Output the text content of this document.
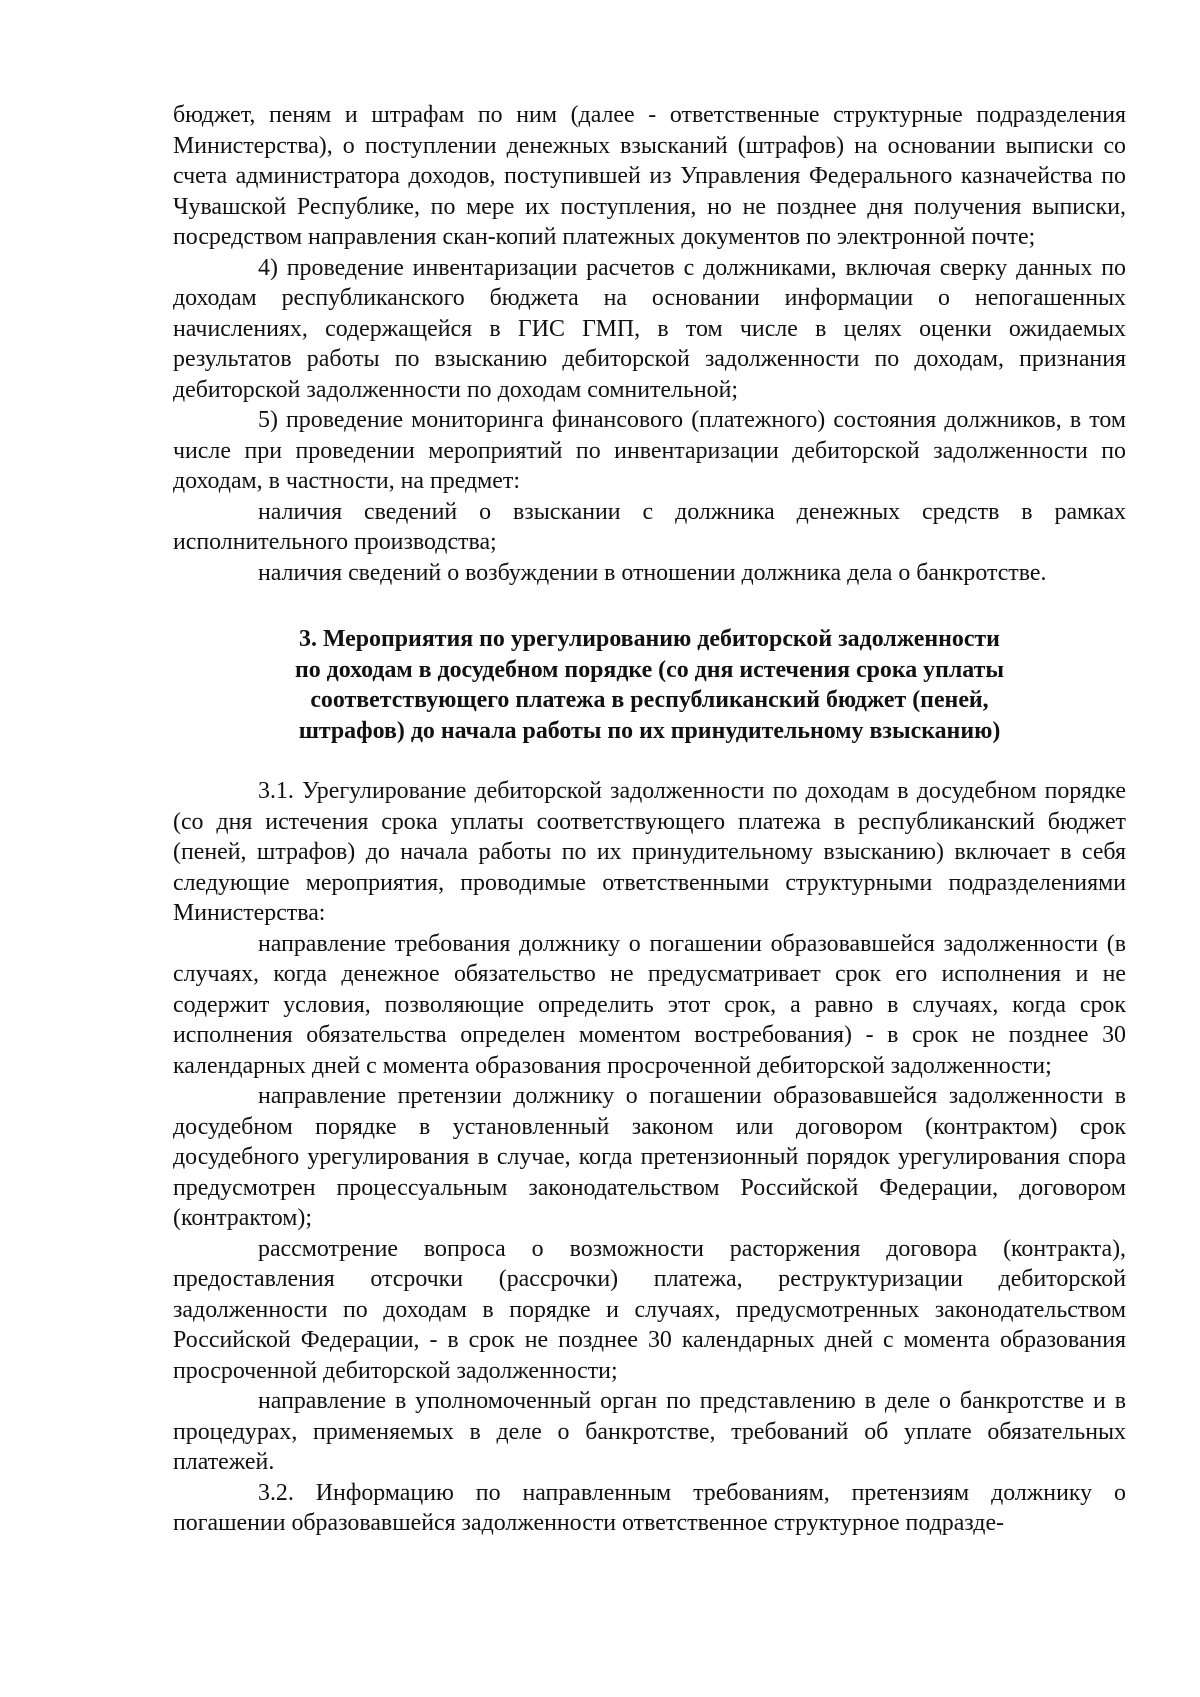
бюджет, пеням и штрафам по ним (далее - ответственные структурные подразделения Министерства), о поступлении денежных взысканий (штрафов) на основании выписки со счета администратора доходов, поступившей из Управления Федерального казначейства по Чувашской Республике, по мере их поступления, но не позднее дня получения выписки, посредством направления скан-копий платежных документов по электронной почте;

4) проведение инвентаризации расчетов с должниками, включая сверку данных по доходам республиканского бюджета на основании информации о непогашенных начислениях, содержащейся в ГИС ГМП, в том числе в целях оценки ожидаемых результатов работы по взысканию дебиторской задолженности по доходам, признания дебиторской задолженности по доходам сомнительной;

5) проведение мониторинга финансового (платежного) состояния должников, в том числе при проведении мероприятий по инвентаризации дебиторской задолженности по доходам, в частности, на предмет:

наличия сведений о взыскании с должника денежных средств в рамках исполнительного производства;

наличия сведений о возбуждении в отношении должника дела о банкротстве.

3. Мероприятия по урегулированию дебиторской задолженности
по доходам в досудебном порядке (со дня истечения срока уплаты
соответствующего платежа в республиканский бюджет (пеней,
штрафов) до начала работы по их принудительному взысканию)

3.1. Урегулирование дебиторской задолженности по доходам в досудебном порядке (со дня истечения срока уплаты соответствующего платежа в республиканский бюджет (пеней, штрафов) до начала работы по их принудительному взысканию) включает в себя следующие мероприятия, проводимые ответственными структурными подразделениями Министерства:

направление требования должнику о погашении образовавшейся задолженности (в случаях, когда денежное обязательство не предусматривает срок его исполнения и не содержит условия, позволяющие определить этот срок, а равно в случаях, когда срок исполнения обязательства определен моментом востребования) - в срок не позднее 30 календарных дней с момента образования просроченной дебиторской задолженности;

направление претензии должнику о погашении образовавшейся задолженности в досудебном порядке в установленный законом или договором (контрактом) срок досудебного урегулирования в случае, когда претензионный порядок урегулирования спора предусмотрен процессуальным законодательством Российской Федерации, договором (контрактом);

рассмотрение вопроса о возможности расторжения договора (контракта), предоставления отсрочки (рассрочки) платежа, реструктуризации дебиторской задолженности по доходам в порядке и случаях, предусмотренных законодательством Российской Федерации, - в срок не позднее 30 календарных дней с момента образования просроченной дебиторской задолженности;

направление в уполномоченный орган по представлению в деле о банкротстве и в процедурах, применяемых в деле о банкротстве, требований об уплате обязательных платежей.

3.2. Информацию по направленным требованиям, претензиям должнику о погашении образовавшейся задолженности ответственное структурное подразде-
